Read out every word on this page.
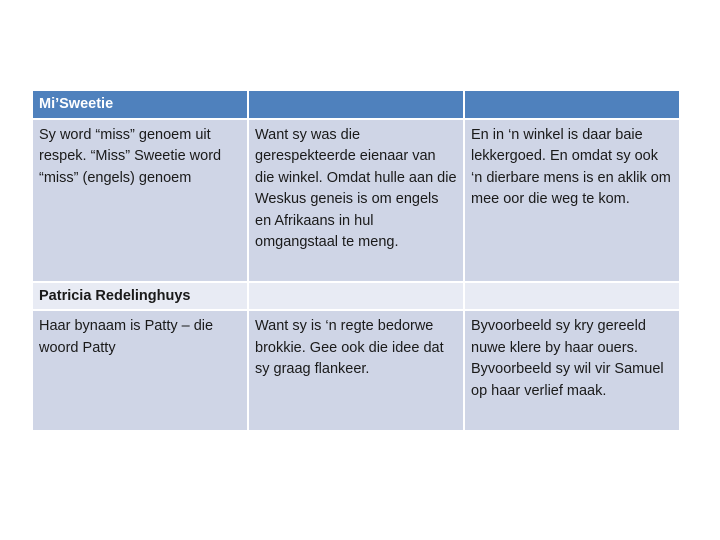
Mi’Sweetie		
Sy word “miss” genoem uit respek. “Miss” Sweetie word “miss” (engels) genoem	Want sy was die gerespekteerde eienaar van die winkel. Omdat hulle aan die Weskus geneis is om engels en Afrikaans in hul omgangstaal te meng.	En in ‘n winkel is daar baie lekkergoed. En omdat sy ook ‘n dierbare mens is en aklik om mee oor die weg te kom.
Patricia Redelinghuys		
Haar bynaam is Patty – die woord Patty	Want sy is ‘n regte bedorwe brokkie. Gee ook die idee dat sy graag flankeer.	Byvoorbeeld sy kry gereeld nuwe klere by haar ouers. Byvoorbeeld sy wil vir Samuel op haar verlief maak.
